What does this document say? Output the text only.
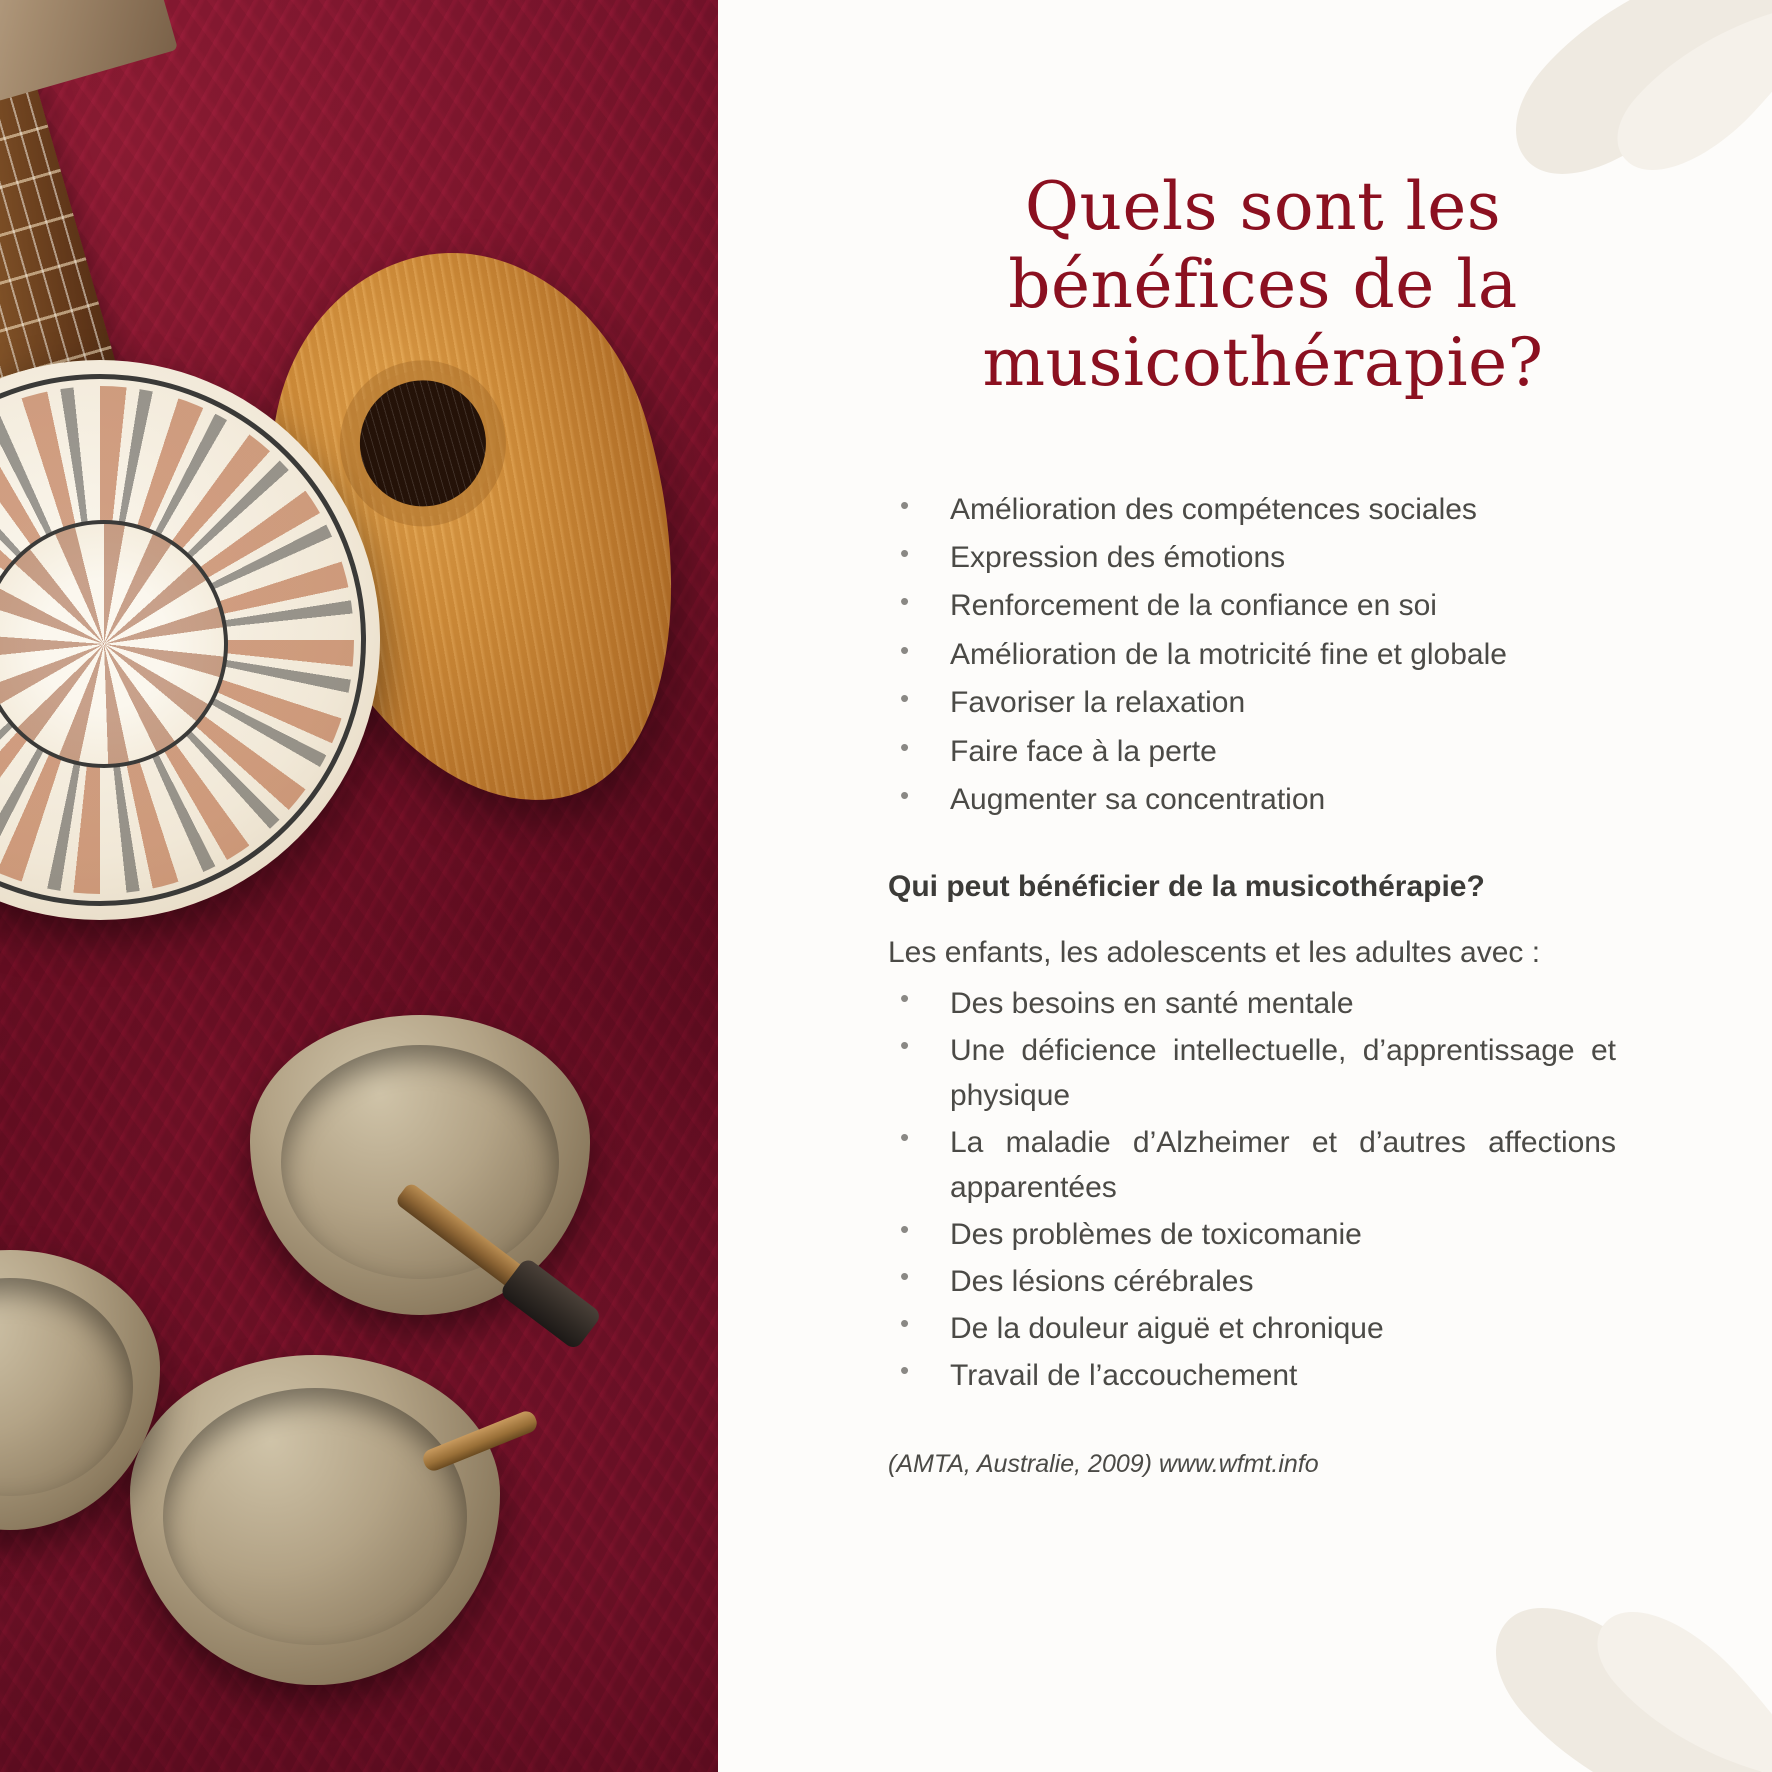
Quels sont les bénéfices de la musicothérapie?
• Amélioration des compétences sociales
• Expression des émotions
• Renforcement de la confiance en soi
• Amélioration de la motricité fine et globale
• Favoriser la relaxation
• Faire face à la perte
• Augmenter sa concentration

Qui peut bénéficier de la musicothérapie?

Les enfants, les adolescents et les adultes avec :

• Des besoins en santé mentale
• Une déficience intellectuelle, d’apprentissage et physique
• La maladie d’Alzheimer et d’autres affections apparentées
• Des problèmes de toxicomanie
• Des lésions cérébrales
• De la douleur aiguë et chronique
• Travail de l’accouchement

(AMTA, Australie, 2009) www.wfmt.info
